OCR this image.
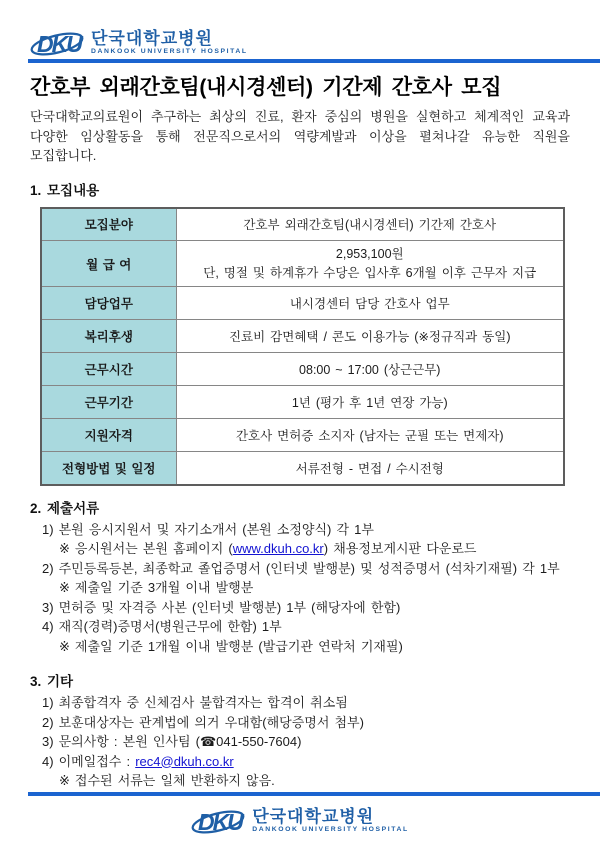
DKU 단국대학교병원
DANKOOK UNIVERSITY HOSPITAL
간호부 외래간호팀(내시경센터) 기간제 간호사 모집

단국대학교의료원이 추구하는 최상의 진료, 환자 중심의 병원을 실현하고 체계적인 교육과 다양한 임상활동을 통해 전문직으로서의 역량계발과 이상을 펼쳐나갈 유능한 직원을 모집합니다.

1. 모집내용
모집분야	간호부 외래간호팀(내시경센터) 기간제 간호사
월 급 여	2,953,100원
단, 명절 및 하계휴가 수당은 입사후 6개월 이후 근무자 지급

담당업무	내시경센터 담당 간호사 업무
복리후생	진료비 감면혜택 / 콘도 이용가능 (※정규직과 동일)
근무시간	08:00 ~ 17:00 (상근근무)
근무기간	1년 (평가 후 1년 연장 가능)
지원자격	간호사 면허증 소지자 (남자는 군필 또는 면제자)
전형방법 및 일정	서류전형 - 면접 / 수시전형
2. 제출서류
1) 본원 응시지원서 및 자기소개서 (본원 소정양식) 각 1부
※ 응시원서는 본원 홈페이지 (www.dkuh.co.kr) 채용정보게시판 다운로드
2) 주민등록등본, 최종학교 졸업증명서 (인터넷 발행분) 및 성적증명서 (석차기재필) 각 1부
※ 제출일 기준 3개월 이내 발행분
3) 면허증 및 자격증 사본 (인터넷 발행분) 1부 (해당자에 한함)
4) 재직(경력)증명서(병원근무에 한함) 1부
※ 제출일 기준 1개월 이내 발행분 (발급기관 연락처 기재필)
3. 기타
1) 최종합격자 중 신체검사 불합격자는 합격이 취소됨
2) 보훈대상자는 관계법에 의거 우대함(해당증명서 첨부)
3) 문의사항 : 본원 인사팀 (☎041-550-7604)
4) 이메일접수 : rec4@dkuh.co.kr
※ 접수된 서류는 일체 반환하지 않음.
DKU 단국대학교병원
DANKOOK UNIVERSITY HOSPITAL
